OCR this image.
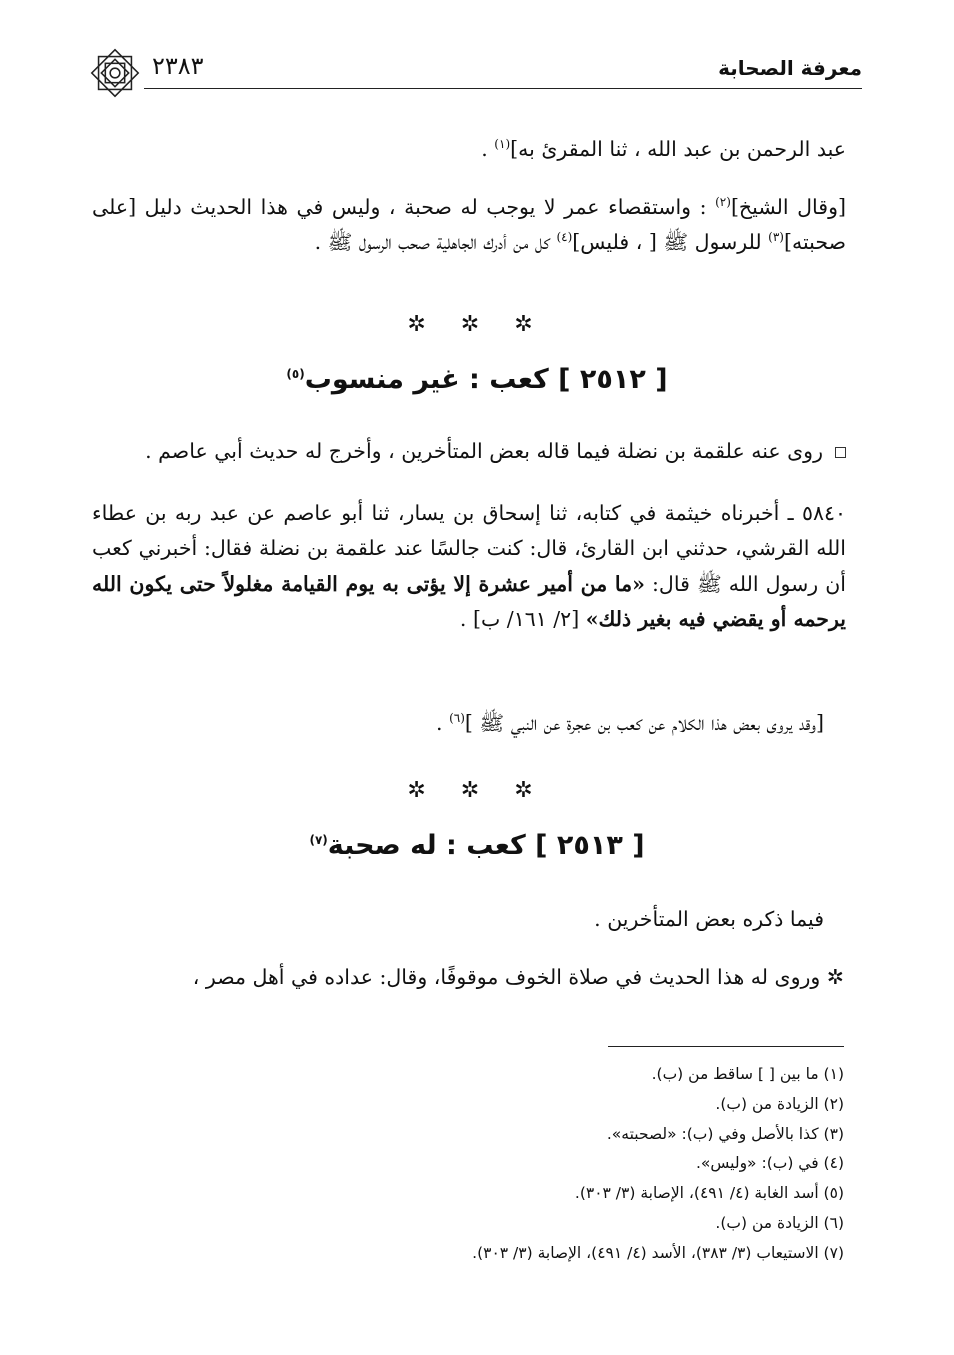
معرفة الصحابة
٢٣٨٣

عبد الرحمن بن عبد الله ، ثنا المقرئ به]$^{(١)}$ .

[وقال الشيخ]$^{(٢)}$ : واستقصاء عمر لا يوجب له صحبة ، وليس في هذا الحديث دليل [على صحبته]$^{(٣)}$ للرسول ﷺ [ ، فليس]$^{(٤)}$ كل من أدرك الجاهلية صحب الرسول ﷺ .

✲ ✲ ✲
[ ٢٥١٢ ] كعب : غير منسوب$^{(٥)}$

روى عنه علقمة بن نضلة فيما قاله بعض المتأخرين ، وأخرج له حديث أبي عاصم .

٥٨٤٠ ـ أخبرناه خيثمة في كتابه، ثنا إسحاق بن يسار، ثنا أبو عاصم عن عبد ربه بن عطاء الله القرشي، حدثني ابن القارئ، قال: كنت جالسًا عند علقمة بن نضلة فقال: أخبرني كعب أن رسول الله ﷺ قال: «ما من أمير عشرة إلا يؤتى به يوم القيامة مغلولاً حتى يكون الله يرحمه أو يقضي فيه بغير ذلك» [٢/ ١٦١/ ب] .

[وقد يروى بعض هذا الكلام عن كعب بن عجرة عن النبي ﷺ ]$^{(٦)}$ .

✲ ✲ ✲
[ ٢٥١٣ ] كعب : له صحبة$^{(٧)}$

فيما ذكره بعض المتأخرين .

✲ وروى له هذا الحديث في صلاة الخوف موقوفًا، وقال: عداده في أهل مصر ،

(١) ما بين [ ] ساقط من (ب).
(٢) الزيادة من (ب).
(٣) كذا بالأصل وفي (ب): «لصحبته».
(٤) في (ب): «وليس».
(٥) أسد الغابة (٤/ ٤٩١)، الإصابة (٣/ ٣٠٣).
(٦) الزيادة من (ب).
(٧) الاستيعاب (٣/ ٣٨٣)، الأسد (٤/ ٤٩١)، الإصابة (٣/ ٣٠٣).
